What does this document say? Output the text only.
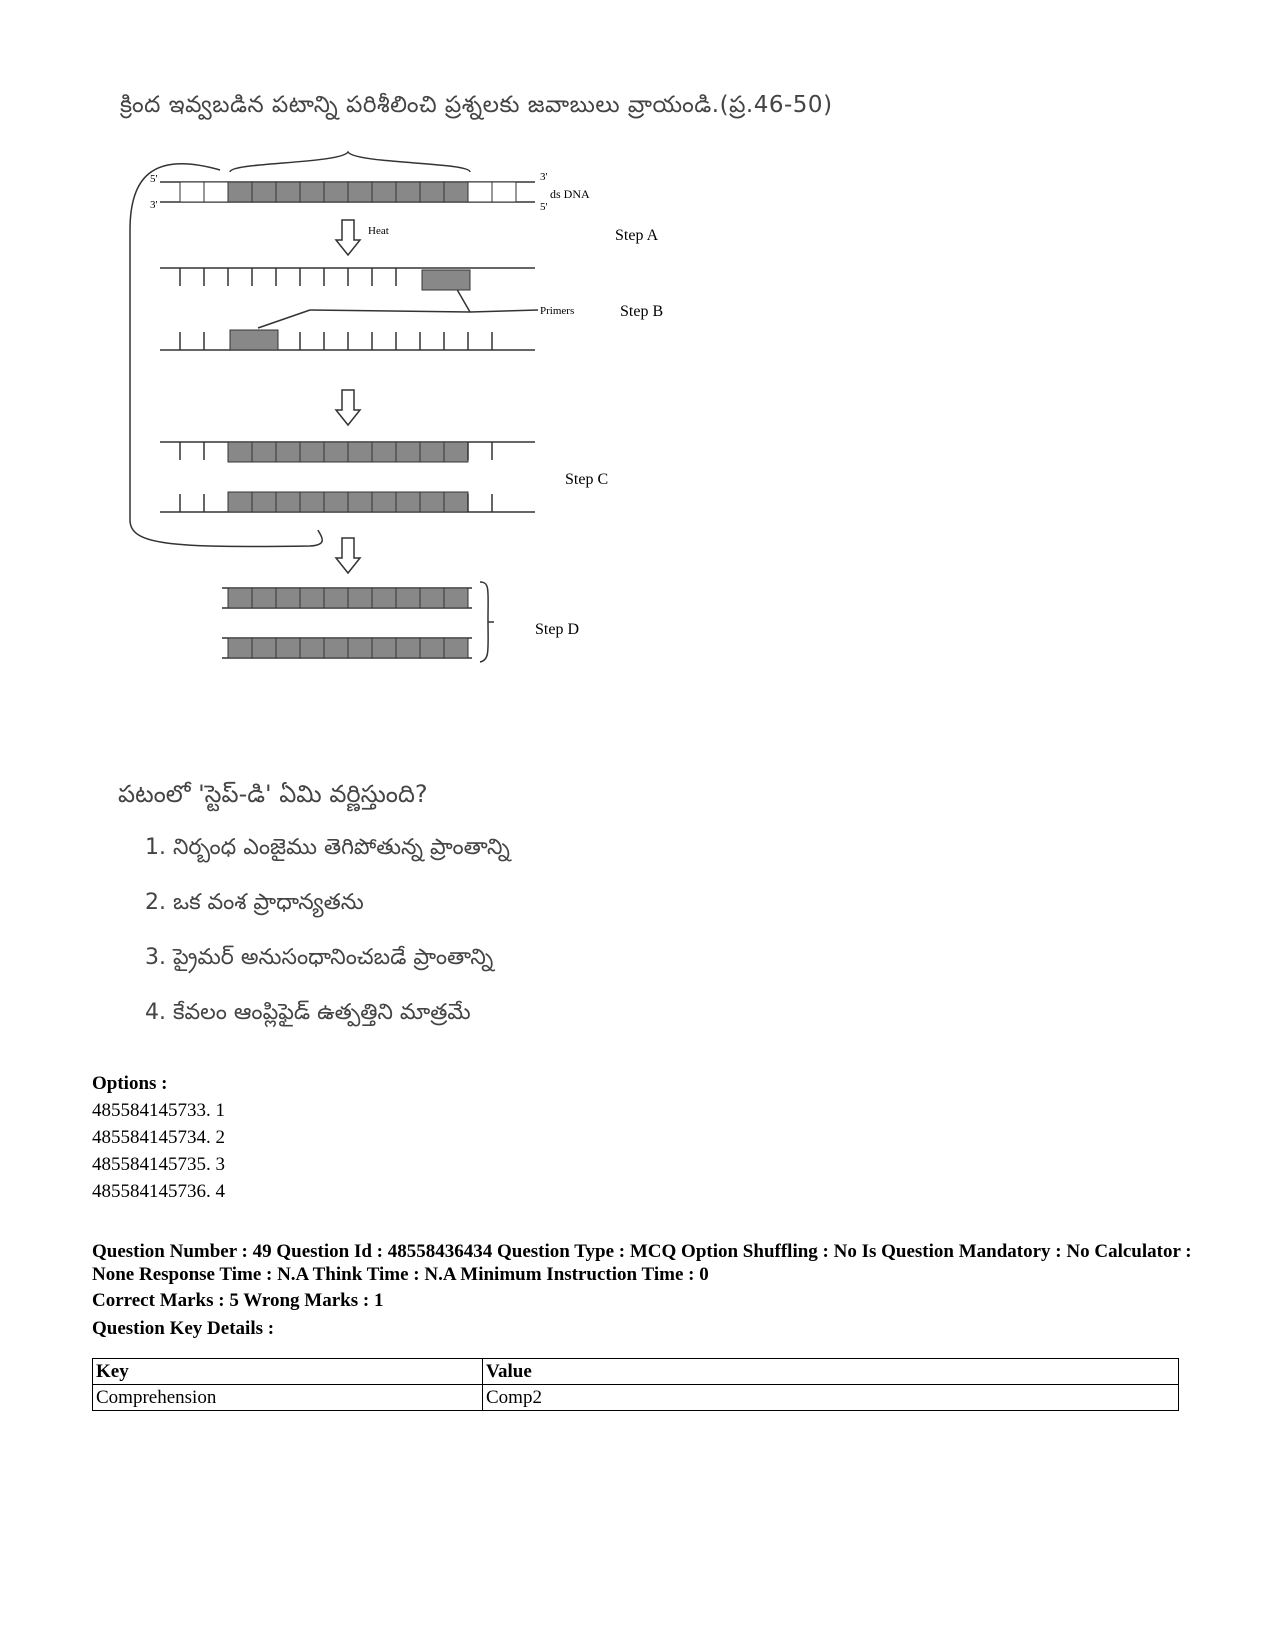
క్రింద ఇవ్వబడిన పటాన్ని పరిశీలించి ప్రశ్నలకు జవాబులు వ్రాయండి.(ప్ర.46-50)
5'
3'
3'
5'
ds DNA
Heat	Step A
Primers	Step B
Step C
Step D
పటంలో 'స్టెప్-డి' ఏమి వర్ణిస్తుంది?
1. నిర్బంధ ఎంజైము తెగిపోతున్న ప్రాంతాన్ని
2. ఒక వంశ ప్రాధాన్యతను
3. ప్రైమర్ అనుసంధానించబడే ప్రాంతాన్ని
4. కేవలం ఆంప్లిఫైడ్ ఉత్పత్తిని మాత్రమే
Options :
485584145733. 1
485584145734. 2
485584145735. 3
485584145736. 4
Question Number : 49 Question Id : 48558436434 Question Type : MCQ Option Shuffling : No Is Question Mandatory : No Calculator : None Response Time : N.A Think Time : N.A Minimum Instruction Time : 0
Correct Marks : 5 Wrong Marks : 1
Question Key Details :
Key	Value
Comprehension	Comp2
